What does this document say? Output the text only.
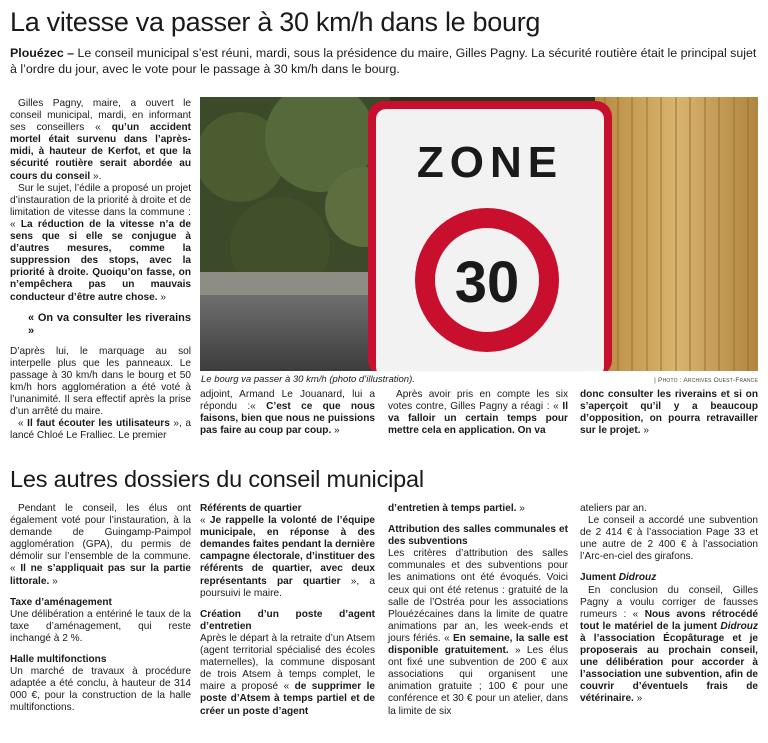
La vitesse va passer à 30 km/h dans le bourg
Plouézec – Le conseil municipal s’est réuni, mardi, sous la présidence du maire, Gilles Pagny. La sécurité routière était le principal sujet à l’ordre du jour, avec le vote pour le passage à 30 km/h dans le bourg.

Gilles Pagny, maire, a ouvert le conseil municipal, mardi, en informant ses conseillers « qu’un accident mortel était survenu dans l’après-midi, à hauteur de Kerfot, et que la sécurité routière serait abordée au cours du conseil ».

Sur le sujet, l’édile a proposé un projet d’instauration de la priorité à droite et de limitation de vitesse dans la commune : « La réduction de la vitesse n’a de sens que si elle se conjugue à d’autres mesures, comme la suppression des stops, avec la priorité à droite. Quoiqu’on fasse, on n’empêchera pas un mauvais conducteur d’être autre chose. »

« On va consulter les riverains »

D’après lui, le marquage au sol interpelle plus que les panneaux. Le passage à 30 km/h dans le bourg et 50 km/h hors agglomération a été voté à l’unanimité. Il sera effectif après la prise d’un arrêté du maire.

« Il faut écouter les utilisateurs », a lancé Chloé Le Fralliec. Le premier

ZONE
30
Le bourg va passer à 30 km/h (photo d’illustration).	| Photo : Archives Ouest-France

adjoint, Armand Le Jouanard, lui a répondu :« C’est ce que nous faisons, bien que nous ne puissions pas faire au coup par coup. »

Après avoir pris en compte les six votes contre, Gilles Pagny a réagi : « Il va falloir un certain temps pour mettre cela en application. On va

donc consulter les riverains et si on s’aperçoit qu’il y a beaucoup d’opposition, on pourra retravailler sur le projet. »

Les autres dossiers du conseil municipal

Pendant le conseil, les élus ont également voté pour l’instauration, à la demande de Guingamp-Paimpol agglomération (GPA), du permis de démolir sur l’ensemble de la commune. « Il ne s’appliquait pas sur la partie littorale. »

Taxe d’aménagement

Une délibération a entériné le taux de la taxe d’aménagement, qui reste inchangé à 2 %.

Halle multifonctions

Un marché de travaux à procédure adaptée a été conclu, à hauteur de 314 000 €, pour la construction de la halle multifonctions.

Référents de quartier

« Je rappelle la volonté de l’équipe municipale, en réponse à des demandes faites pendant la dernière campagne électorale, d’instituer des référents de quartier, avec deux représentants par quartier », a poursuivi le maire.

Création d’un poste d’agent d’entretien

Après le départ à la retraite d’un Atsem (agent territorial spécialisé des écoles maternelles), la commune disposant de trois Atsem à temps complet, le maire a proposé « de supprimer le poste d’Atsem à temps partiel et de créer un poste d’agent

d’entretien à temps partiel. »

Attribution des salles communales et des subventions

Les critères d’attribution des salles communales et des subventions pour les animations ont été évoqués. Voici ceux qui ont été retenus : gratuité de la salle de l’Ostréa pour les associations Plouézécaines dans la limite de quatre animations par an, les week-ends et jours fériés. « En semaine, la salle est disponible gratuitement. » Les élus ont fixé une subvention de 200 € aux associations qui organisent une animation gratuite ; 100 € pour une conférence et 30 € pour un atelier, dans la limite de six

ateliers par an.

Le conseil a accordé une subvention de 2 414 € à l’association Page 33 et une autre de 2 400 € à l’association l’Arc-en-ciel des girafons.

Jument Didrouz

En conclusion du conseil, Gilles Pagny a voulu corriger de fausses rumeurs : « Nous avons rétrocédé tout le matériel de la jument Didrouz à l’association Écopâturage et je proposerais au prochain conseil, une délibération pour accorder à l’association une subvention, afin de couvrir d’éventuels frais de vétérinaire. »
